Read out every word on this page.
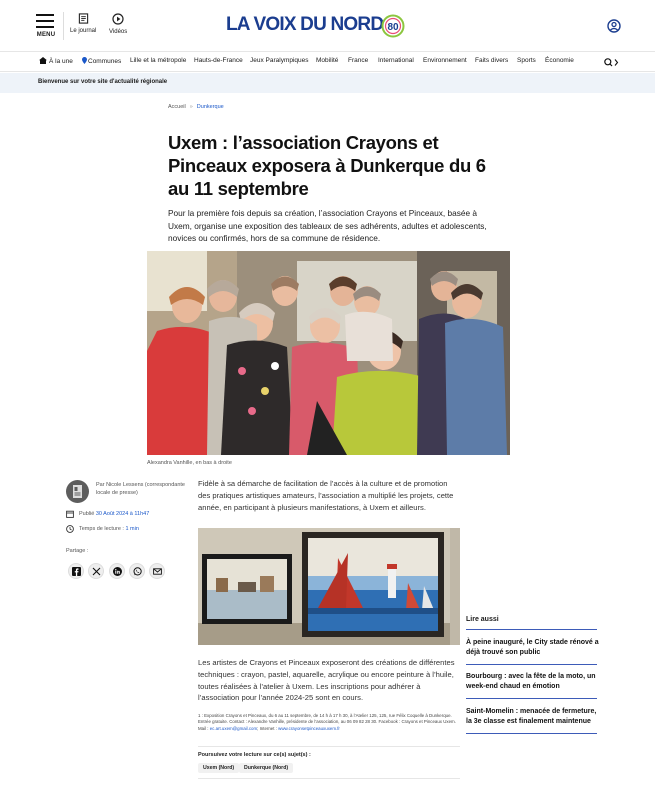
MENU
Le journal Vidéos	LA VOIX DU NORD 80
À la une	Communes Lille et la métropole Hauts-de-France Jeux Paralympiques Mobilité France International Environnement Faits divers Sports Économie
Bienvenue sur votre site d'actualité régionale
Accueil » Dunkerque
Uxem : l’association Crayons et Pinceaux exposera à Dunkerque du 6 au 11 septembre

Pour la première fois depuis sa création, l’association Crayons et Pinceaux, basée à Uxem, organise une exposition des tableaux de ses adhérents, adultes et adolescents, novices ou confirmés, hors de sa commune de résidence.

Alexandra Vanhille, en bas à droite
Par Nicole Lessens (correspondante locale de presse)
Publié 30 Août 2024 à 11h47
Temps de lecture : 1 min
Partage :

Fidèle à sa démarche de facilitation de l’accès à la culture et de promotion des pratiques artistiques amateurs, l’association a multiplié les projets, cette année, en participant à plusieurs manifestations, à Uxem et ailleurs.

Les artistes de Crayons et Pinceaux exposeront des créations de différentes techniques : crayon, pastel, aquarelle, acrylique ou encore peinture à l’huile, toutes réalisées à l’atelier à Uxem. Les inscriptions pour adhérer à l’association pour l’année 2024-25 sont en cours.

1 : Exposition Crayons et Pinceaux, du 6 au 11 septembre, de 14 h à 17 h 30, à l’Atelier 125, 125, rue Félix Coquelle à Dunkerque. Entrée gratuite. Contact : Alexandre Vanhille, présidente de l’association, au 06 09 82 28 30. Facebook : Crayons et Pinceaux Uxem. Mail : ec.art.uxem@gmail.com; Internet : www.crayonsetpinceauxuxem.fr

Poursuivez votre lecture sur ce(s) sujet(s) :
Uxem (Nord)	Dunkerque (Nord)
Lire aussi
À peine inauguré, le City stade rénové a déjà trouvé son public
Bourbourg : avec la fête de la moto, un week-end chaud en émotion
Saint-Momelin : menacée de fermeture, la 3e classe est finalement maintenue
